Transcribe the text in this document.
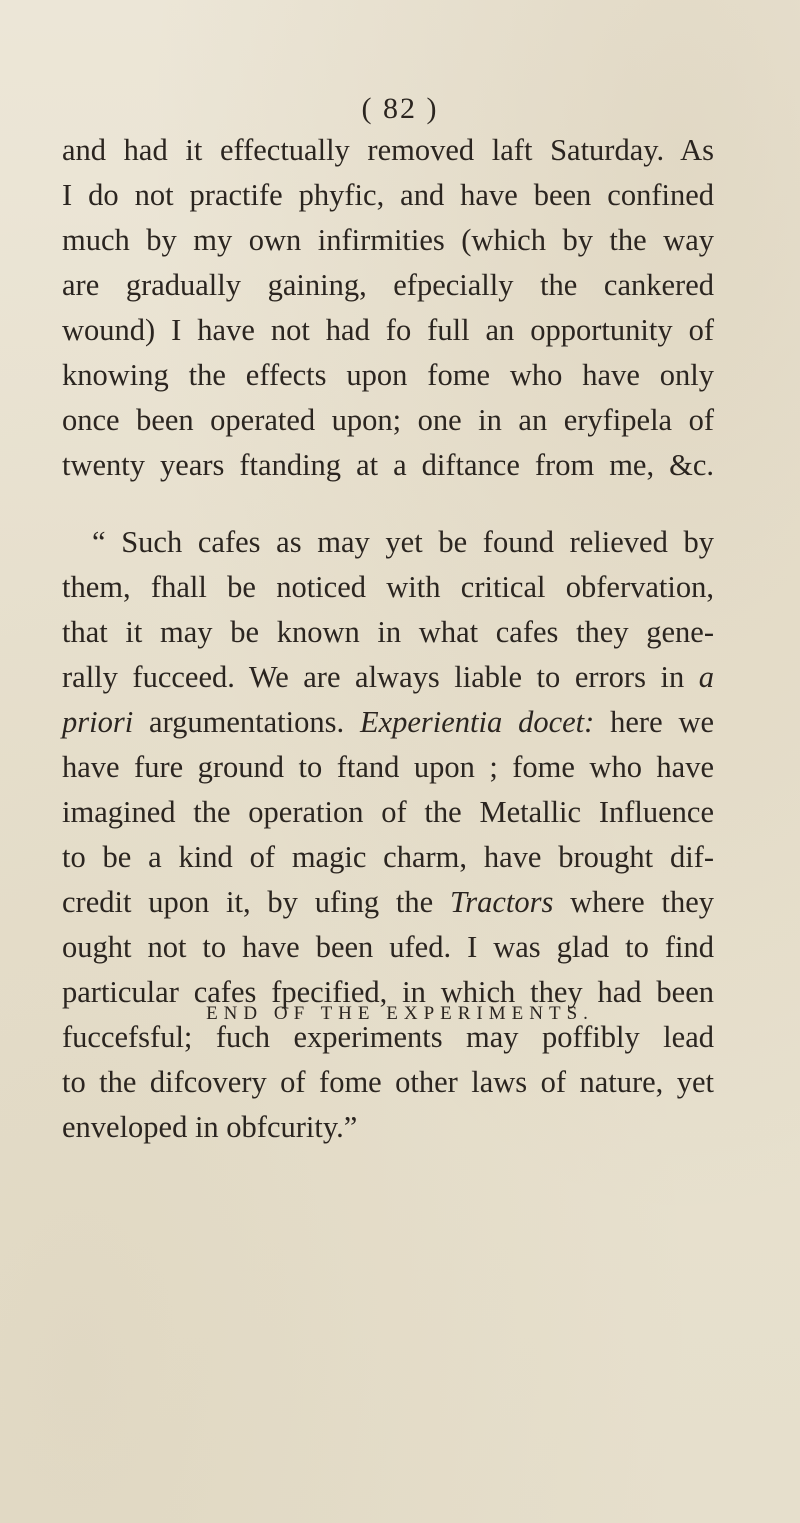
( 82 )
and had it effectually removed laft Saturday. As
I do not practife phyfic, and have been confined
much by my own infirmities (which by the way
are gradually gaining, efpecially the cankered
wound) I have not had fo full an opportunity of
knowing the effects upon fome who have only
once been operated upon; one in an eryfipela of
twenty years ftanding at a diftance from me, &c.
“ Such cafes as may yet be found relieved by
them, fhall be noticed with critical obfervation,
that it may be known in what cafes they gene-
rally fucceed. We are always liable to errors in a
priori argumentations. Experientia docet: here we
have fure ground to ftand upon ; fome who have
imagined the operation of the Metallic Influence
to be a kind of magic charm, have brought dif-
credit upon it, by ufing the Tractors where they
ought not to have been ufed. I was glad to find
particular cafes fpecified, in which they had been
fuccefsful; fuch experiments may poffibly lead
to the difcovery of fome other laws of nature, yet
enveloped in obfcurity.”
END OF THE EXPERIMENTS.
